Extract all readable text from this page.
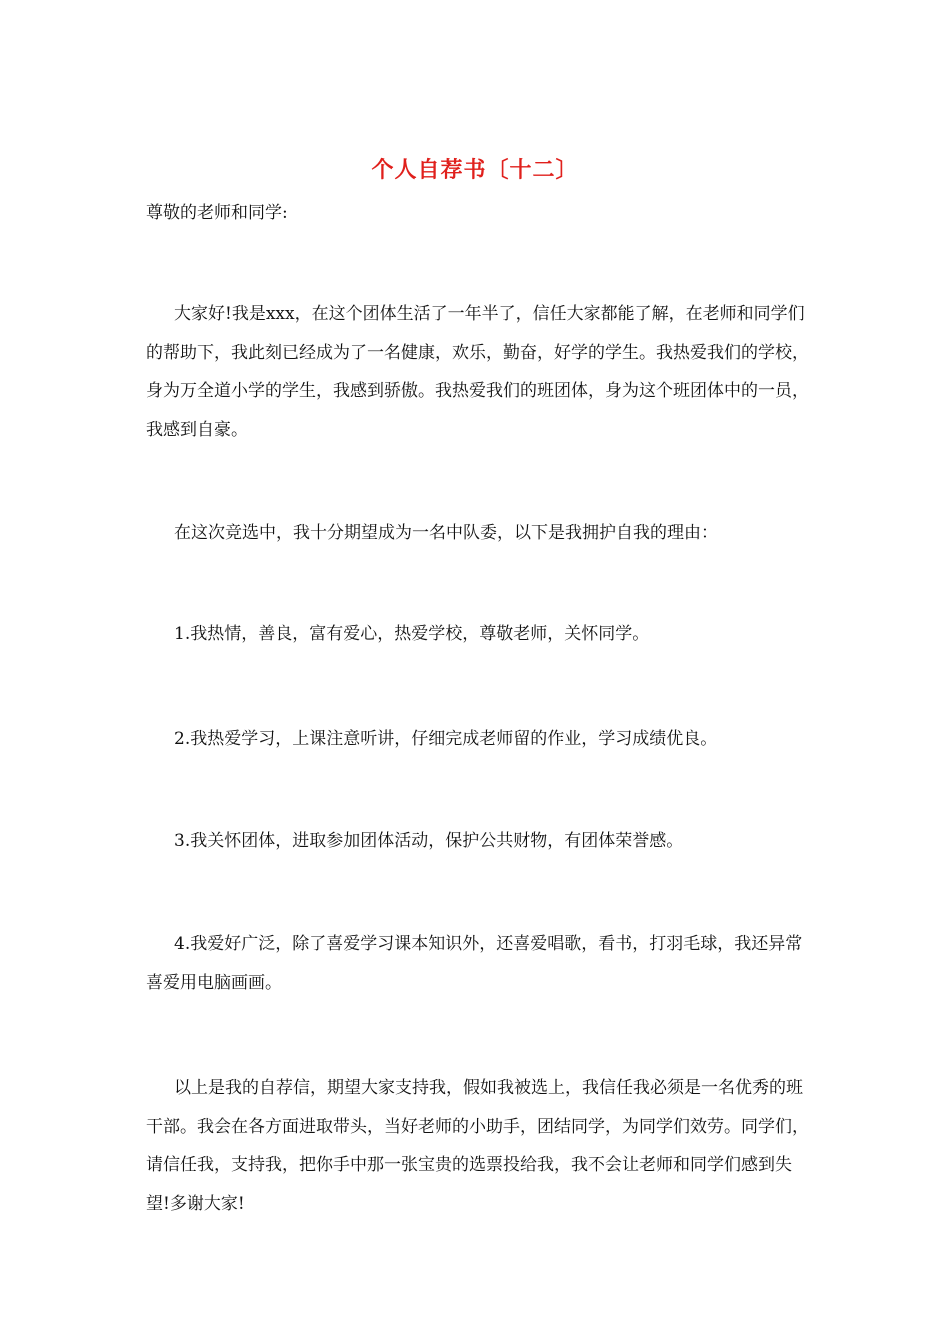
个人自荐书〔十二〕
尊敬的老师和同学:

大家好!我是xxx，在这个团体生活了一年半了，信任大家都能了解，在老师和同学们的帮助下，我此刻已经成为了一名健康，欢乐，勤奋，好学的学生。我热爱我们的学校，身为万全道小学的学生，我感到骄傲。我热爱我们的班团体，身为这个班团体中的一员，我感到自豪。

在这次竞选中，我十分期望成为一名中队委，以下是我拥护自我的理由：

1.我热情，善良，富有爱心，热爱学校，尊敬老师，关怀同学。

2.我热爱学习，上课注意听讲，仔细完成老师留的作业，学习成绩优良。

3.我关怀团体，进取参加团体活动，保护公共财物，有团体荣誉感。

4.我爱好广泛，除了喜爱学习课本知识外，还喜爱唱歌，看书，打羽毛球，我还异常喜爱用电脑画画。

以上是我的自荐信，期望大家支持我，假如我被选上，我信任我必须是一名优秀的班干部。我会在各方面进取带头，当好老师的小助手，团结同学，为同学们效劳。同学们，请信任我，支持我，把你手中那一张宝贵的选票投给我，我不会让老师和同学们感到失望!多谢大家!
